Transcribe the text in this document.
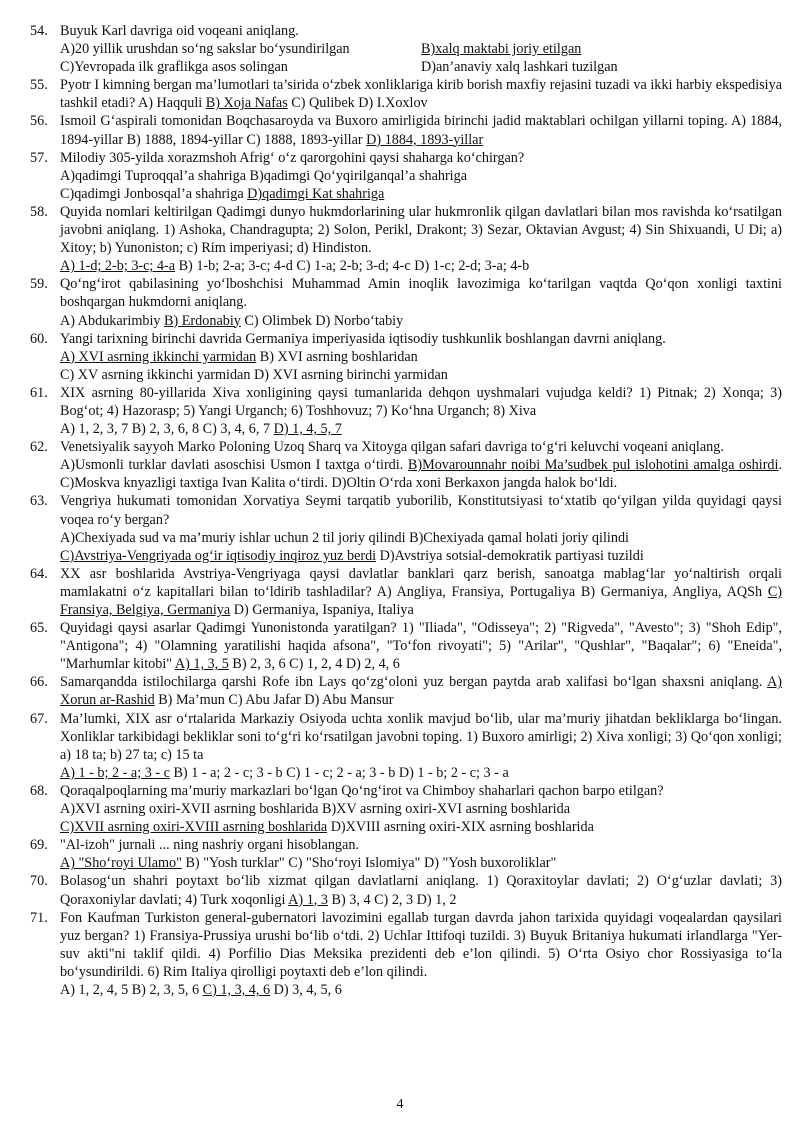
54. Buyuk Karl davriga oid voqeani aniqlang.
A)20 yillik urushdan so‘ng sakslar bo‘ysundirilgan	B)xalq maktabi joriy etilgan
C)Yevropada ilk graflikga asos solingan	D)an’anaviy xalq lashkari tuzilgan
55. Pyotr I kimning bergan ma’lumotlari ta’sirida o‘zbek xonliklariga kirib borish maxfiy rejasini tuzadi va ikki harbiy ekspedisiya tashkil etadi? A) Haqquli B) Xoja Nafas C) Qulibek D) I.Xoxlov
56. Ismoil G‘aspirali tomonidan Boqchasaroyda va Buxoro amirligida birinchi jadid maktablari ochilgan yillarni toping. A) 1884, 1894-yillar B) 1888, 1894-yillar C) 1888, 1893-yillar D) 1884, 1893-yillar
57. Milodiy 305-yilda xorazmshoh Afrig‘ o‘z qarorgohini qaysi shaharga ko‘chirgan?
A)qadimgi Tuproqqal’a shahriga B)qadimgi Qo‘yqirilganqal’a shahriga
C)qadimgi Jonbosqal’a shahriga D)qadimgi Kat shahriga
58. Quyida nomlari keltirilgan Qadimgi dunyo hukmdorlarining ular hukmronlik qilgan davlatlari bilan mos ravishda ko‘rsatilgan javobni aniqlang. 1) Ashoka, Chandragupta; 2) Solon, Perikl, Drakont; 3) Sezar, Oktavian Avgust; 4) Sin Shixuandi, U Di; a) Xitoy; b) Yunoniston; c) Rim imperiyasi; d) Hindiston.
A) 1-d; 2-b; 3-c; 4-a B) 1-b; 2-a; 3-c; 4-d C) 1-a; 2-b; 3-d; 4-c D) 1-c; 2-d; 3-a; 4-b
59. Qo‘ng‘irot qabilasining yo‘lboshchisi Muhammad Amin inoqlik lavozimiga ko‘tarilgan vaqtda Qo‘qon xonligi taxtini boshqargan hukmdorni aniqlang.
A) Abdukarimbiy B) Erdonabiy C) Olimbek D) Norbo‘tabiy
60. Yangi tarixning birinchi davrida Germaniya imperiyasida iqtisodiy tushkunlik boshlangan davrni aniqlang.
A) XVI asrning ikkinchi yarmidan B) XVI asrning boshlaridan
C) XV asrning ikkinchi yarmidan D) XVI asrning birinchi yarmidan
61. XIX asrning 80-yillarida Xiva xonligining qaysi tumanlarida dehqon uyshmalari vujudga keldi? 1) Pitnak; 2) Xonqa; 3) Bog‘ot; 4) Hazorasp; 5) Yangi Urganch; 6) Toshhovuz; 7) Ko‘hna Urganch; 8) Xiva
A) 1, 2, 3, 7 B) 2, 3, 6, 8 C) 3, 4, 6, 7 D) 1, 4, 5, 7
62. Venetsiyalik sayyoh Marko Poloning Uzoq Sharq va Xitoyga qilgan safari davriga to‘g‘ri keluvchi voqeani aniqlang.
A)Usmonli turklar davlati asoschisi Usmon I taxtga o‘tirdi. B)Movarounnahr noibi Ma’sudbek pul islohotini amalga oshirdi. C)Moskva knyazligi taxtiga Ivan Kalita o‘tirdi. D)Oltin O‘rda xoni Berkaxon jangda halok bo‘ldi.
63. Vengriya hukumati tomonidan Xorvatiya Seymi tarqatib yuborilib, Konstitutsiyasi to‘xtatib qo‘yilgan yilda quyidagi qaysi voqea ro‘y bergan?
A)Chexiyada sud va ma’muriy ishlar uchun 2 til joriy qilindi B)Chexiyada qamal holati joriy qilindi
C)Avstriya-Vengriyada og‘ir iqtisodiy inqiroz yuz berdi D)Avstriya sotsial-demokratik partiyasi tuzildi
64. XX asr boshlarida Avstriya-Vengriyaga qaysi davlatlar banklari qarz berish, sanoatga mablag‘lar yo‘naltirish orqali mamlakatni o‘z kapitallari bilan to‘ldirib tashladilar? A) Angliya, Fransiya, Portugaliya B) Germaniya, Angliya, AQSh C) Fransiya, Belgiya, Germaniya D) Germaniya, Ispaniya, Italiya
65. Quyidagi qaysi asarlar Qadimgi Yunonistonda yaratilgan? 1) "Iliada", "Odisseya"; 2) "Rigveda", "Avesto"; 3) "Shoh Edip", "Antigona"; 4) "Olamning yaratilishi haqida afsona", "To‘fon rivoyati"; 5) "Arilar", "Qushlar", "Baqalar"; 6) "Eneida", "Marhumlar kitobi" A) 1, 3, 5 B) 2, 3, 6 C) 1, 2, 4 D) 2, 4, 6
66. Samarqandda istilochilarga qarshi Rofe ibn Lays qo‘zg‘oloni yuz bergan paytda arab xalifasi bo‘lgan shaxsni aniqlang. A) Xorun ar-Rashid B) Ma’mun C) Abu Jafar D) Abu Mansur
67. Ma’lumki, XIX asr o‘rtalarida Markaziy Osiyoda uchta xonlik mavjud bo‘lib, ular ma’muriy jihatdan bekliklarga bo‘lingan. Xonliklar tarkibidagi bekliklar soni to‘g‘ri ko‘rsatilgan javobni toping. 1) Buxoro amirligi; 2) Xiva xonligi; 3) Qo‘qon xonligi; a) 18 ta; b) 27 ta; c) 15 ta
A) 1 - b; 2 - a; 3 - c B) 1 - a; 2 - c; 3 - b C) 1 - c; 2 - a; 3 - b D) 1 - b; 2 - c; 3 - a
68. Qoraqalpoqlarning ma’muriy markazlari bo‘lgan Qo‘ng‘irot va Chimboy shaharlari qachon barpo etilgan?
A)XVI asrning oxiri-XVII asrning boshlarida B)XV asrning oxiri-XVI asrning boshlarida
C)XVII asrning oxiri-XVIII asrning boshlarida D)XVIII asrning oxiri-XIX asrning boshlarida
69. "Al-izoh" jurnali ... ning nashriy organi hisoblangan.
A) "Sho‘royi Ulamo" B) "Yosh turklar" C) "Sho‘royi Islomiya" D) "Yosh buxoroliklar"
70. Bolasog‘un shahri poytaxt bo‘lib xizmat qilgan davlatlarni aniqlang. 1) Qoraxitoylar davlati; 2) O‘g‘uzlar davlati; 3) Qoraxoniylar davlati; 4) Turk xoqonligi A) 1, 3 B) 3, 4 C) 2, 3 D) 1, 2
71. Fon Kaufman Turkiston general-gubernatori lavozimini egallab turgan davrda jahon tarixida quyidagi voqealardan qaysilari yuz bergan? 1) Fransiya-Prussiya urushi bo‘lib o‘tdi. 2) Uchlar Ittifoqi tuzildi. 3) Buyuk Britaniya hukumati irlandlarga "Yer-suv akti"ni taklif qildi. 4) Porfilio Dias Meksika prezidenti deb e’lon qilindi. 5) O‘rta Osiyo chor Rossiyasiga to‘la bo‘ysundirildi. 6) Rim Italiya qirolligi poytaxti deb e’lon qilindi.
A) 1, 2, 4, 5 B) 2, 3, 5, 6 C) 1, 3, 4, 6 D) 3, 4, 5, 6
4
